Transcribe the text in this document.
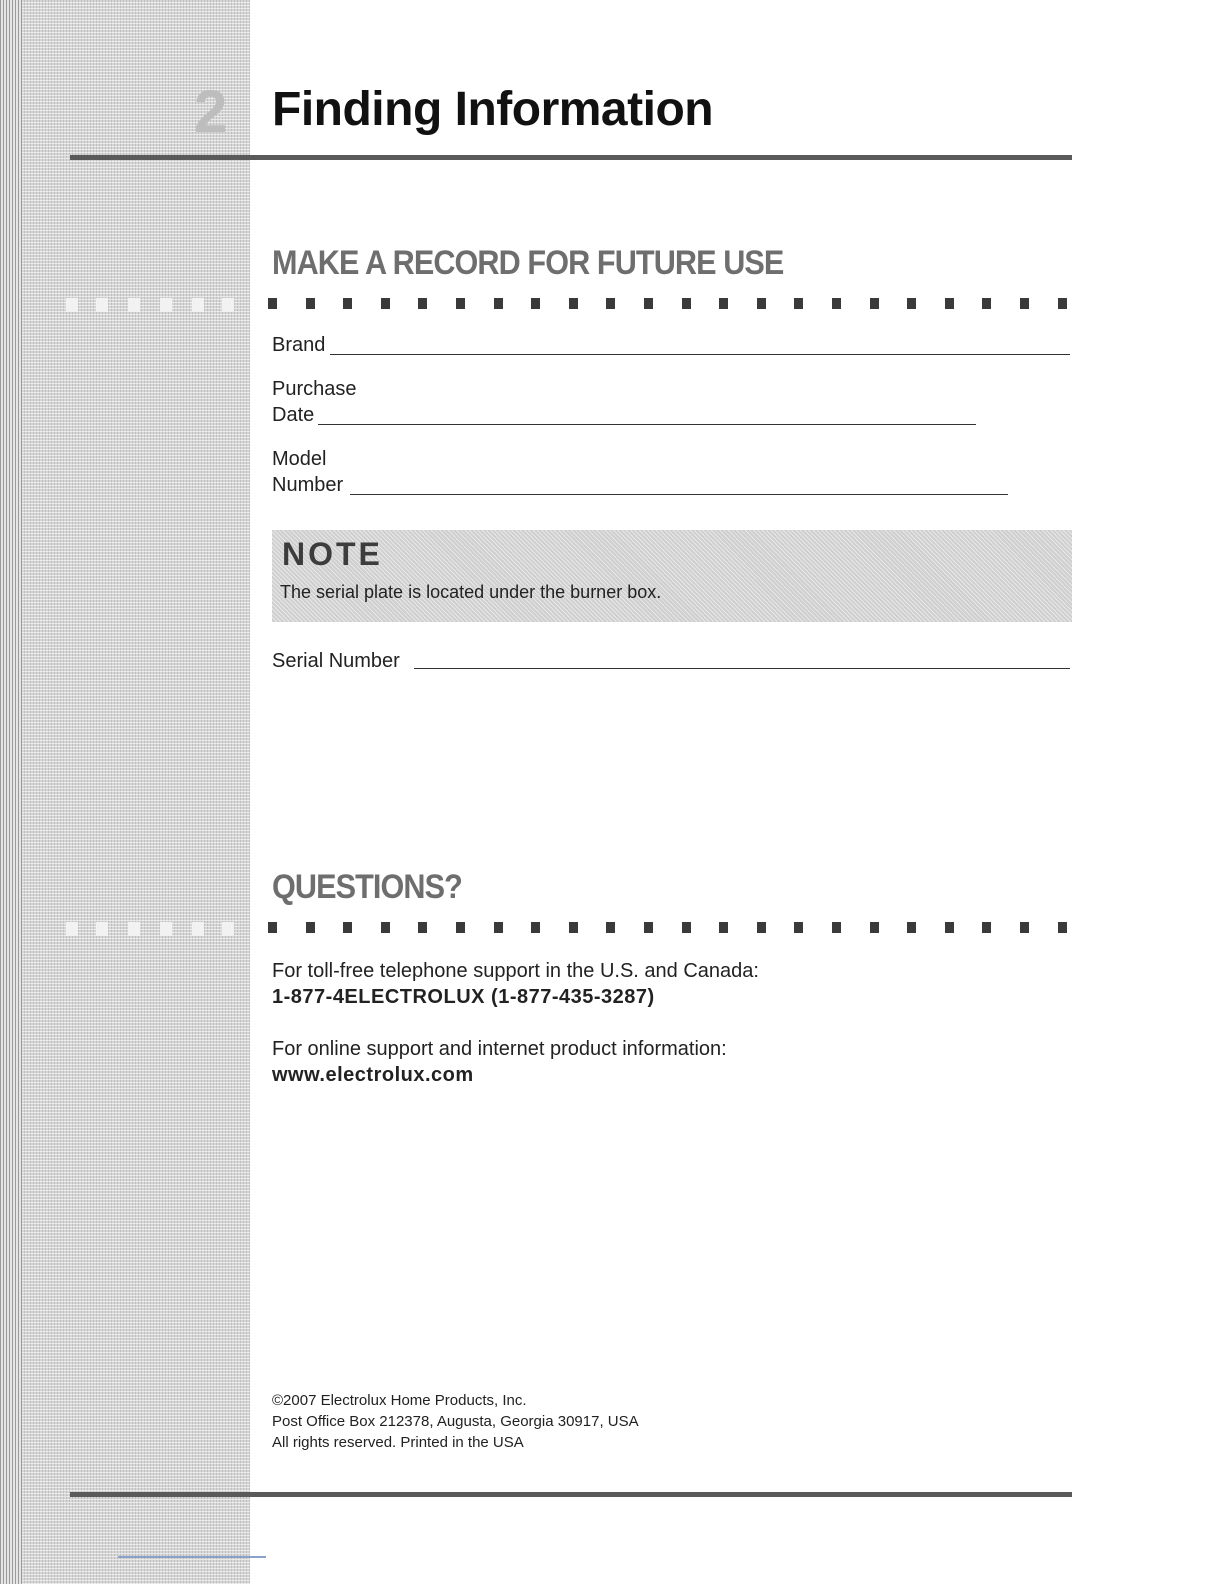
2 Finding Information
MAKE A RECORD FOR FUTURE USE
Brand
Purchase
Date
Model
Number
NOTE
The serial plate is located under the burner box.
Serial Number
QUESTIONS?
For toll-free telephone support in the U.S. and Canada:
1-877-4ELECTROLUX (1-877-435-3287)
For online support and internet product information:
www.electrolux.com
©2007 Electrolux Home Products, Inc.
Post Office Box 212378, Augusta, Georgia 30917, USA
All rights reserved. Printed in the USA
